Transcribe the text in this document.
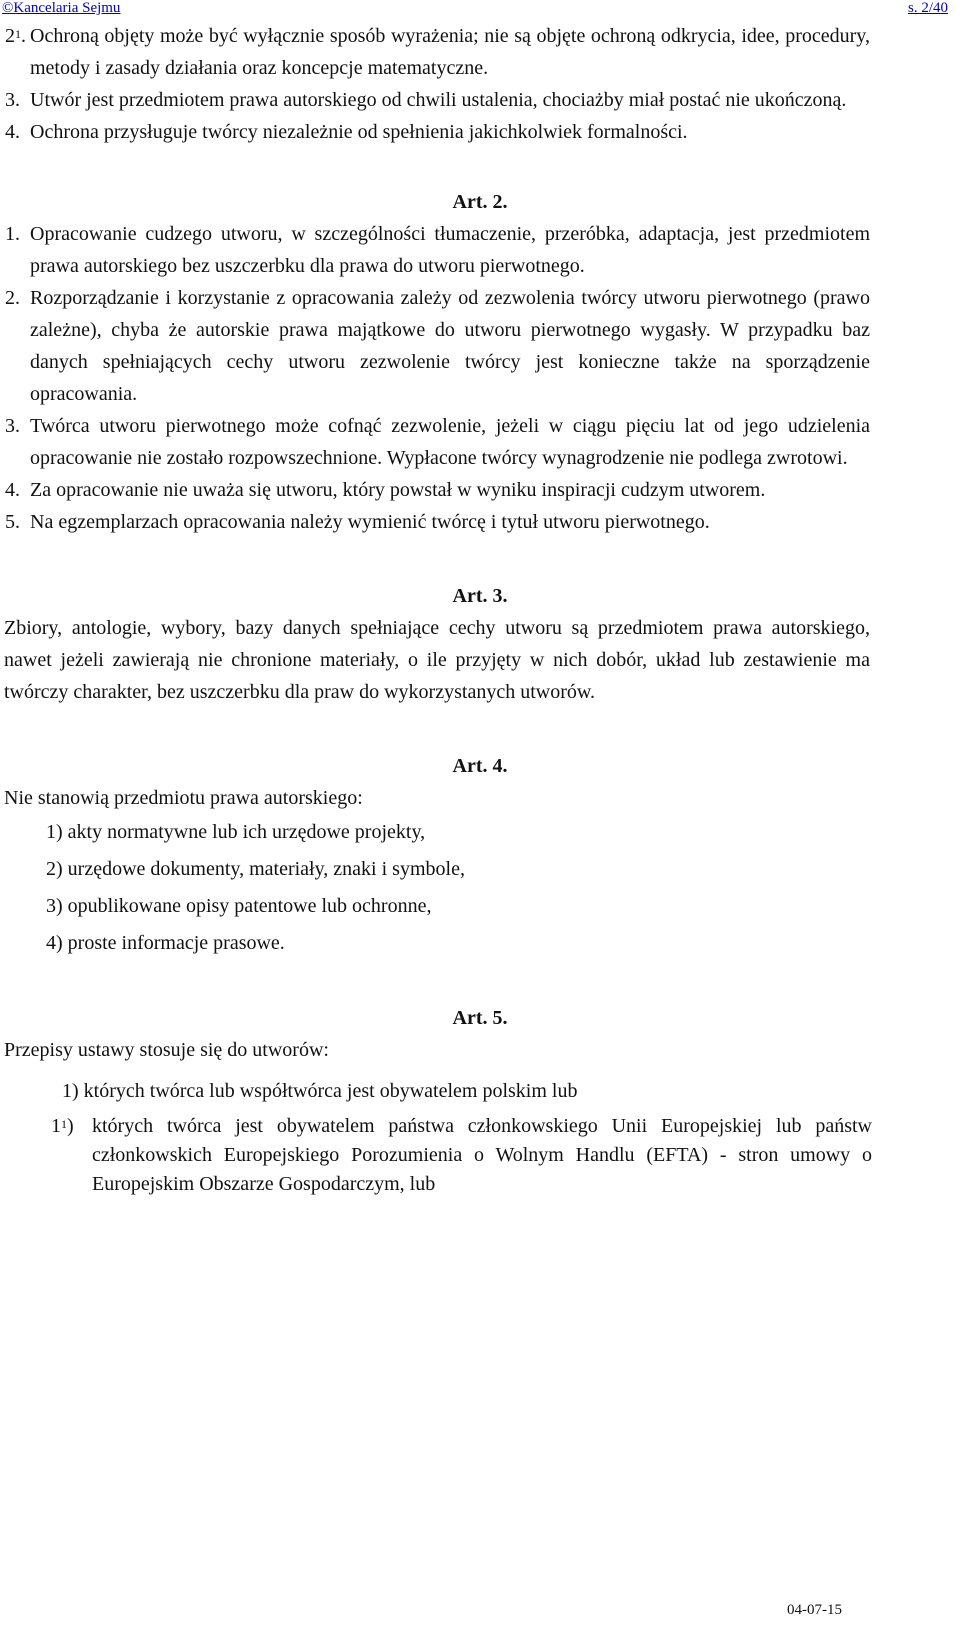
©Kancelaria Sejmu	s. 2/40
$2^1$. Ochroną objęty może być wyłącznie sposób wyrażenia; nie są objęte ochroną odkrycia, idee, procedury, metody i zasady działania oraz koncepcje matematyczne.
3. Utwór jest przedmiotem prawa autorskiego od chwili ustalenia, chociażby miał postać nie ukończoną.
4. Ochrona przysługuje twórcy niezależnie od spełnienia jakichkolwiek formalności.
Art. 2.
1. Opracowanie cudzego utworu, w szczególności tłumaczenie, przeróbka, adaptacja, jest przedmiotem prawa autorskiego bez uszczerbku dla prawa do utworu pierwotnego.
2. Rozporządzanie i korzystanie z opracowania zależy od zezwolenia twórcy utworu pierwotnego (prawo zależne), chyba że autorskie prawa majątkowe do utworu pierwotnego wygasły. W przypadku baz danych spełniających cechy utworu zezwolenie twórcy jest konieczne także na sporządzenie opracowania.
3. Twórca utworu pierwotnego może cofnąć zezwolenie, jeżeli w ciągu pięciu lat od jego udzielenia opracowanie nie zostało rozpowszechnione. Wypłacone twórcy wynagrodzenie nie podlega zwrotowi.
4. Za opracowanie nie uważa się utworu, który powstał w wyniku inspiracji cudzym utworem.
5. Na egzemplarzach opracowania należy wymienić twórcę i tytuł utworu pierwotnego.
Art. 3.
Zbiory, antologie, wybory, bazy danych spełniające cechy utworu są przedmiotem prawa autorskiego, nawet jeżeli zawierają nie chronione materiały, o ile przyjęty w nich dobór, układ lub zestawienie ma twórczy charakter, bez uszczerbku dla praw do wykorzystanych utworów.
Art. 4.
Nie stanowią przedmiotu prawa autorskiego:
1) akty normatywne lub ich urzędowe projekty,
2) urzędowe dokumenty, materiały, znaki i symbole,
3) opublikowane opisy patentowe lub ochronne,
4) proste informacje prasowe.
Art. 5.
Przepisy ustawy stosuje się do utworów:
1) których twórca lub współtwórca jest obywatelem polskim lub
$1^1$) których twórca jest obywatelem państwa członkowskiego Unii Europejskiej lub państw członkowskich Europejskiego Porozumienia o Wolnym Handlu (EFTA) - stron umowy o Europejskim Obszarze Gospodarczym, lub
04-07-15
